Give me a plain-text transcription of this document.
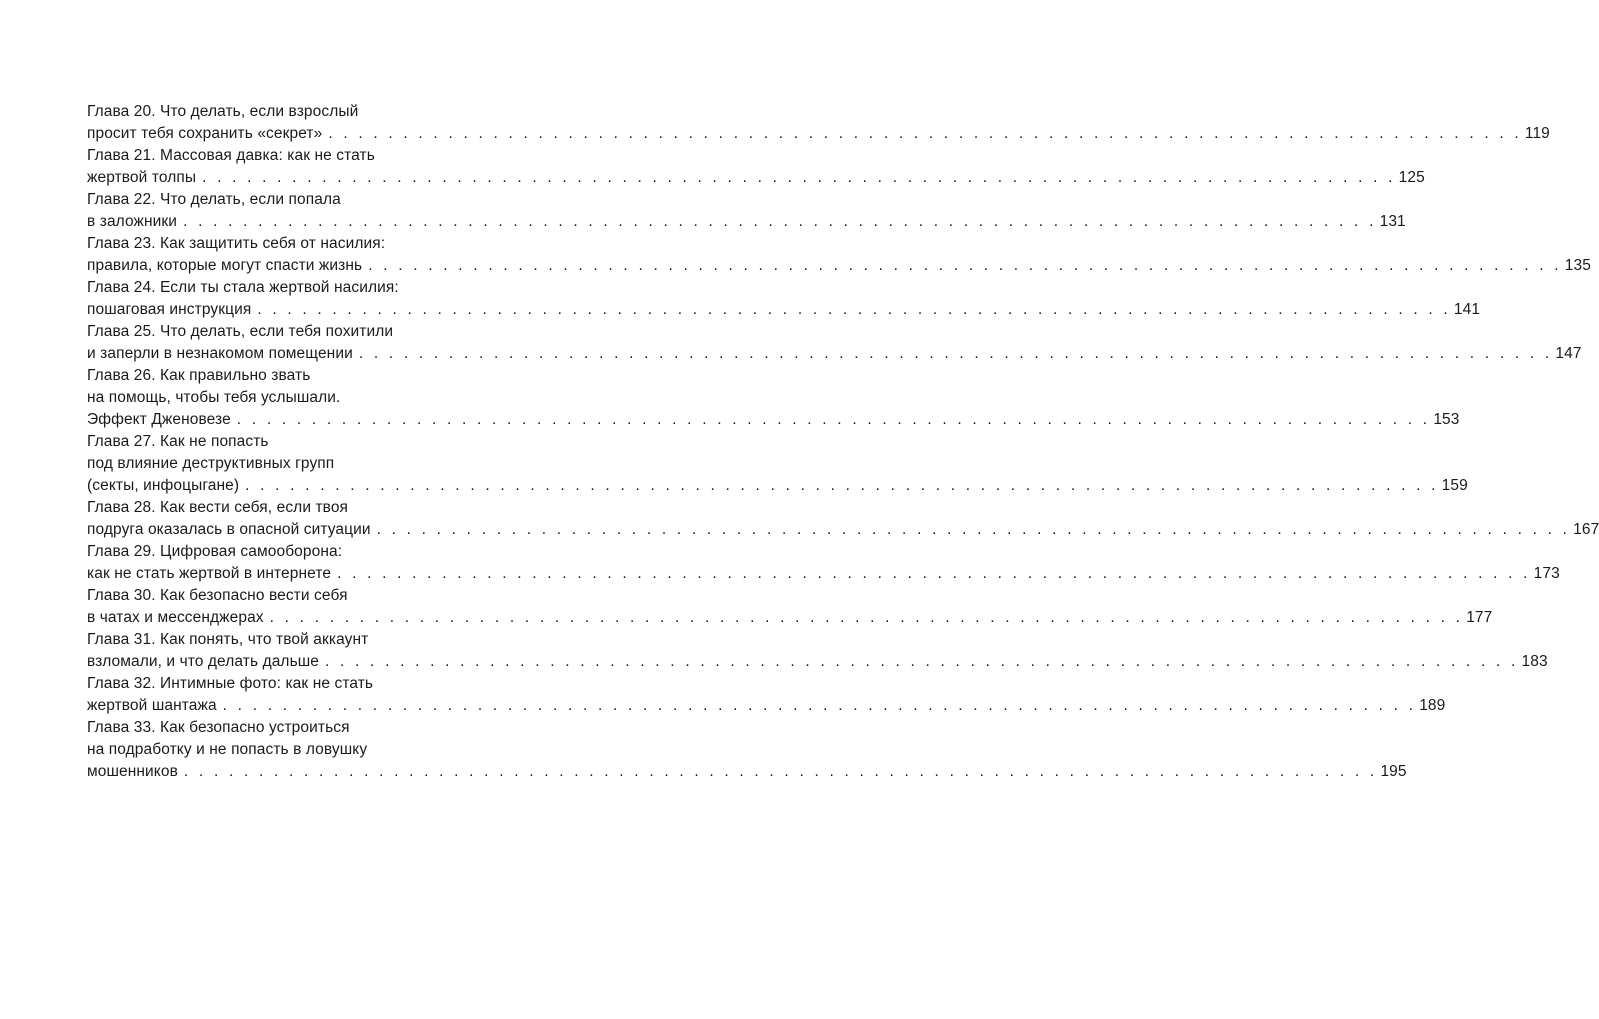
Глава 20. Что делать, если взрослый
просит тебя сохранить «секрет» . . . . . . . . . . . . . . . . . . . . . . . . . . . . . . . . . . . . . . . . . . . . . . . . . . . . . . . . . . . . . . . . . . . . . . . . . . . . . . . . 119
Глава 21. Массовая давка: как не стать
жертвой толпы . . . . . . . . . . . . . . . . . . . . . . . . . . . . . . . . . . . . . . . . . . . . . . . . . . . . . . . . . . . . . . . . . . . . . . . . . . . . . . . . 125
Глава 22. Что делать, если попала
в заложники . . . . . . . . . . . . . . . . . . . . . . . . . . . . . . . . . . . . . . . . . . . . . . . . . . . . . . . . . . . . . . . . . . . . . . . . . . . . . . . . 131
Глава 23. Как защитить себя от насилия:
правила, которые могут спасти жизнь . . . . . . . . . . . . . . . . . . . . . . . . . . . . . . . . . . . . . . . . . . . . . . . . . . . . . . . . . . . . . . . . . . . . . . . . . . . . . . . . 135
Глава 24. Если ты стала жертвой насилия:
пошаговая инструкция . . . . . . . . . . . . . . . . . . . . . . . . . . . . . . . . . . . . . . . . . . . . . . . . . . . . . . . . . . . . . . . . . . . . . . . . . . . . . . . . 141
Глава 25. Что делать, если тебя похитили
и заперли в незнакомом помещении . . . . . . . . . . . . . . . . . . . . . . . . . . . . . . . . . . . . . . . . . . . . . . . . . . . . . . . . . . . . . . . . . . . . . . . . . . . . . . . . 147
Глава 26. Как правильно звать
на помощь, чтобы тебя услышали.
Эффект Дженовезе . . . . . . . . . . . . . . . . . . . . . . . . . . . . . . . . . . . . . . . . . . . . . . . . . . . . . . . . . . . . . . . . . . . . . . . . . . . . . . . . 153
Глава 27. Как не попасть
под влияние деструктивных групп
(секты, инфоцыгане) . . . . . . . . . . . . . . . . . . . . . . . . . . . . . . . . . . . . . . . . . . . . . . . . . . . . . . . . . . . . . . . . . . . . . . . . . . . . . . . . 159
Глава 28. Как вести себя, если твоя
подруга оказалась в опасной ситуации . . . . . . . . . . . . . . . . . . . . . . . . . . . . . . . . . . . . . . . . . . . . . . . . . . . . . . . . . . . . . . . . . . . . . . . . . . . . . . . . 167
Глава 29. Цифровая самооборона:
как не стать жертвой в интернете . . . . . . . . . . . . . . . . . . . . . . . . . . . . . . . . . . . . . . . . . . . . . . . . . . . . . . . . . . . . . . . . . . . . . . . . . . . . . . . . 173
Глава 30. Как безопасно вести себя
в чатах и мессенджерах . . . . . . . . . . . . . . . . . . . . . . . . . . . . . . . . . . . . . . . . . . . . . . . . . . . . . . . . . . . . . . . . . . . . . . . . . . . . . . . . 177
Глава 31. Как понять, что твой аккаунт
взломали, и что делать дальше . . . . . . . . . . . . . . . . . . . . . . . . . . . . . . . . . . . . . . . . . . . . . . . . . . . . . . . . . . . . . . . . . . . . . . . . . . . . . . . . 183
Глава 32. Интимные фото: как не стать
жертвой шантажа . . . . . . . . . . . . . . . . . . . . . . . . . . . . . . . . . . . . . . . . . . . . . . . . . . . . . . . . . . . . . . . . . . . . . . . . . . . . . . . . 189
Глава 33. Как безопасно устроиться
на подработку и не попасть в ловушку
мошенников . . . . . . . . . . . . . . . . . . . . . . . . . . . . . . . . . . . . . . . . . . . . . . . . . . . . . . . . . . . . . . . . . . . . . . . . . . . . . . . . 195
